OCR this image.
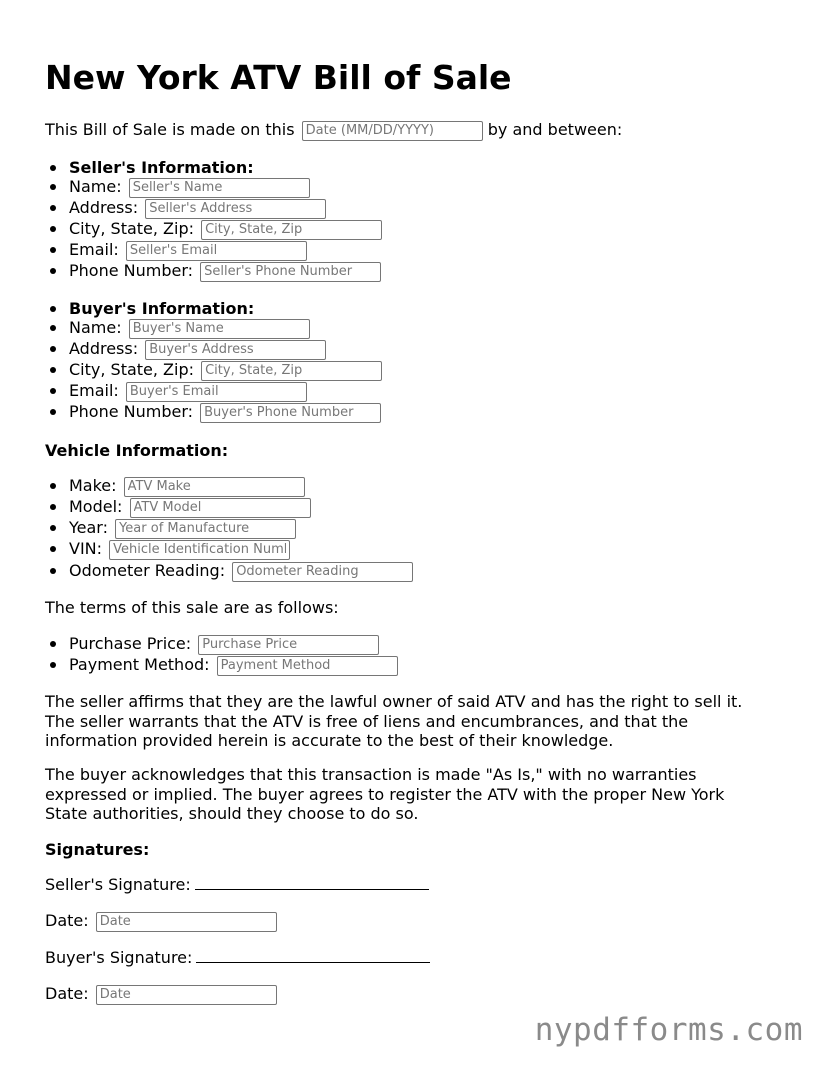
New York ATV Bill of Sale
This Bill of Sale is made on this Date (MM/DD/YYYY)	by and between:
Seller's Information:
Name: Seller's Name
Address: Seller's Address
City, State, Zip: City, State, Zip
Email: Seller's Email
Phone Number: Seller's Phone Number
Buyer's Information:
Name: Buyer's Name
Address: Buyer's Address
City, State, Zip: City, State, Zip
Email: Buyer's Email
Phone Number: Buyer's Phone Number
Vehicle Information:
Make: ATV Make
Model: ATV Model
Year: Year of Manufacture
VIN: Vehicle Identification Number
Odometer Reading: Odometer Reading
The terms of this sale are as follows:
Purchase Price: Purchase Price
Payment Method: Payment Method
The seller affirms that they are the lawful owner of said ATV and has the right to sell it. The seller warrants that the ATV is free of liens and encumbrances, and that the information provided herein is accurate to the best of their knowledge.
The buyer acknowledges that this transaction is made "As Is," with no warranties expressed or implied. The buyer agrees to register the ATV with the proper New York State authorities, should they choose to do so.
Signatures:
Seller's Signature:
Date: Date
Buyer's Signature:
Date: Date
nypdfforms.com
